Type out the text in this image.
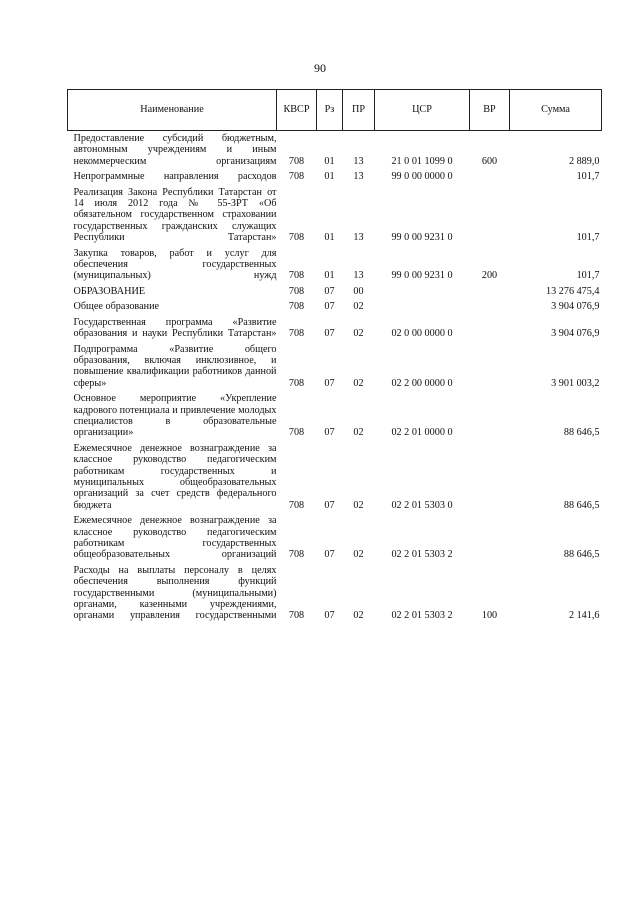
90
Наименование	КВСР	Рз	ПР	ЦСР	ВР	Сумма
Предоставление субсидий бюджетным, автономным учреждениям и иным некоммерческим организациям	708	01	13	21 0 01 1099 0	600	2 889,0
Непрограммные направления расходов	708	01	13	99 0 00 0000 0		101,7
Реализация Закона Республики Татарстан от 14 июля 2012 года № 55-ЗРТ «Об обязательном государственном страховании государственных гражданских служащих Республики Татарстан»	708	01	13	99 0 00 9231 0		101,7
Закупка товаров, работ и услуг для обеспечения государственных (муниципальных) нужд	708	01	13	99 0 00 9231 0	200	101,7
ОБРАЗОВАНИЕ	708	07	00			13 276 475,4
Общее образование	708	07	02			3 904 076,9
Государственная программа «Развитие образования и науки Республики Татарстан»	708	07	02	02 0 00 0000 0		3 904 076,9
Подпрограмма «Развитие общего образования, включая инклюзивное, и повышение квалификации работников данной сферы»	708	07	02	02 2 00 0000 0		3 901 003,2
Основное мероприятие «Укрепление кадрового потенциала и привлечение молодых специалистов в образовательные организации»	708	07	02	02 2 01 0000 0		88 646,5
Ежемесячное денежное вознаграждение за классное руководство педагогическим работникам государственных и муниципальных общеобразовательных организаций за счет средств федерального бюджета	708	07	02	02 2 01 5303 0		88 646,5
Ежемесячное денежное вознаграждение за классное руководство педагогическим работникам государственных общеобразовательных организаций	708	07	02	02 2 01 5303 2		88 646,5
Расходы на выплаты персоналу в целях обеспечения выполнения функций государственными (муниципальными) органами, казенными учреждениями, органами управления государственными	708	07	02	02 2 01 5303 2	100	2 141,6
